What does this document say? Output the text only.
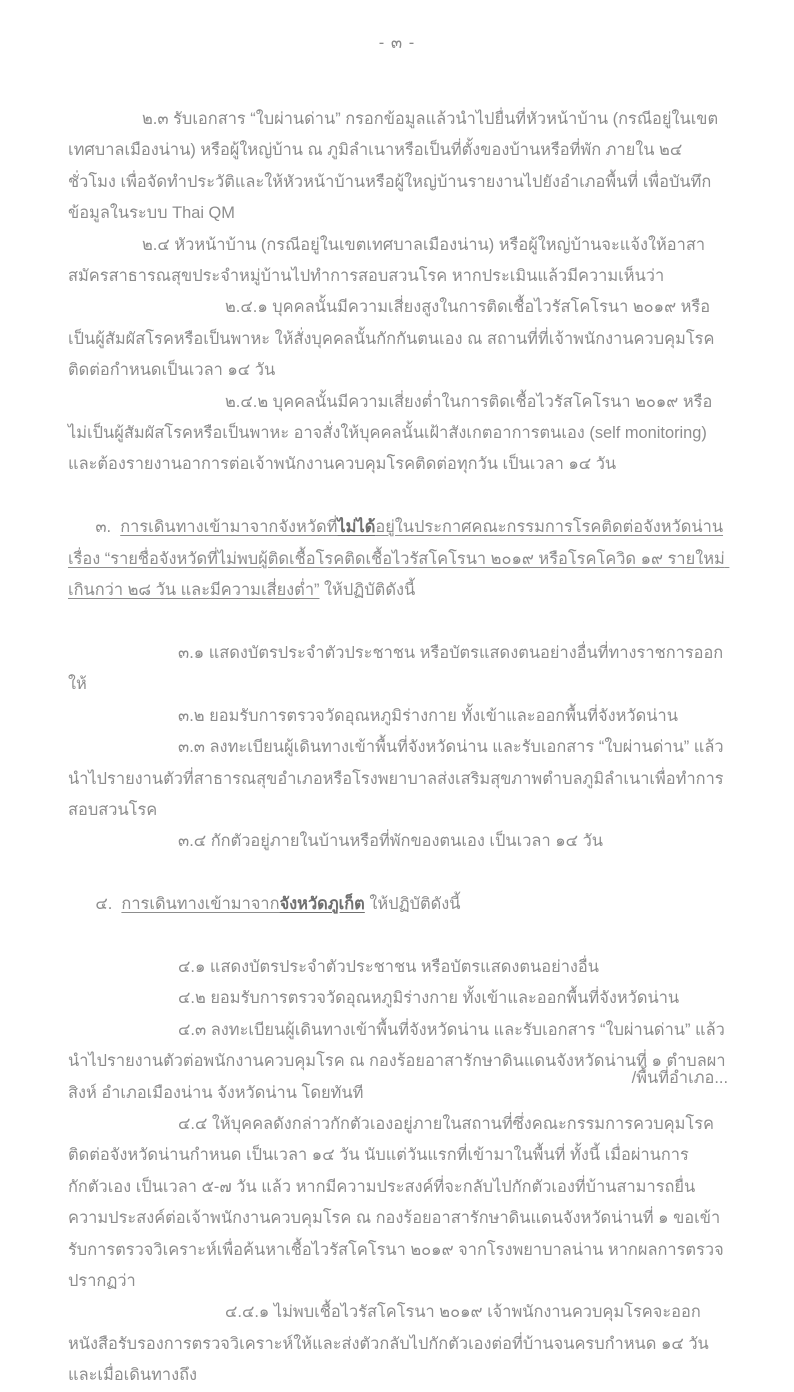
- ๓ -

๒.๓ รับเอกสาร “ใบผ่านด่าน” กรอกข้อมูลแล้วนำไปยื่นที่หัวหน้าบ้าน (กรณีอยู่ในเขตเทศบาลเมืองน่าน) หรือผู้ใหญ่บ้าน ณ ภูมิลำเนาหรือเป็นที่ตั้งของบ้านหรือที่พัก ภายใน ๒๔ ชั่วโมง เพื่อจัดทำประวัติและให้หัวหน้าบ้านหรือผู้ใหญ่บ้านรายงานไปยังอำเภอพื้นที่ เพื่อบันทึกข้อมูลในระบบ Thai QM

๒.๔ หัวหน้าบ้าน (กรณีอยู่ในเขตเทศบาลเมืองน่าน) หรือผู้ใหญ่บ้านจะแจ้งให้อาสาสมัครสาธารณสุขประจำหมู่บ้านไปทำการสอบสวนโรค หากประเมินแล้วมีความเห็นว่า

๒.๔.๑ บุคคลนั้นมีความเสี่ยงสูงในการติดเชื้อไวรัสโคโรนา ๒๐๑๙ หรือเป็นผู้สัมผัสโรคหรือเป็นพาหะ ให้สั่งบุคคลนั้นกักกันตนเอง ณ สถานที่ที่เจ้าพนักงานควบคุมโรคติดต่อกำหนดเป็นเวลา ๑๔ วัน

๒.๔.๒ บุคคลนั้นมีความเสี่ยงต่ำในการติดเชื้อไวรัสโคโรนา ๒๐๑๙ หรือไม่เป็นผู้สัมผัสโรคหรือเป็นพาหะ อาจสั่งให้บุคคลนั้นเฝ้าสังเกตอาการตนเอง (self monitoring) และต้องรายงานอาการต่อเจ้าพนักงานควบคุมโรคติดต่อทุกวัน เป็นเวลา ๑๔ วัน

๓.  การเดินทางเข้ามาจากจังหวัดที่ไม่ได้อยู่ในประกาศคณะกรรมการโรคติดต่อจังหวัดน่านเรื่อง “รายชื่อจังหวัดที่ไม่พบผู้ติดเชื้อโรคติดเชื้อไวรัสโคโรนา ๒๐๑๙ หรือโรคโควิด ๑๙ รายใหม่ เกินกว่า ๒๘ วัน และมีความเสี่ยงต่ำ” ให้ปฏิบัติดังนี้

๓.๑ แสดงบัตรประจำตัวประชาชน หรือบัตรแสดงตนอย่างอื่นที่ทางราชการออกให้

๓.๒ ยอมรับการตรวจวัดอุณหภูมิร่างกาย ทั้งเข้าและออกพื้นที่จังหวัดน่าน

๓.๓ ลงทะเบียนผู้เดินทางเข้าพื้นที่จังหวัดน่าน และรับเอกสาร “ใบผ่านด่าน” แล้วนำไปรายงานตัวที่สาธารณสุขอำเภอหรือโรงพยาบาลส่งเสริมสุขภาพตำบลภูมิลำเนาเพื่อทำการสอบสวนโรค

๓.๔ กักตัวอยู่ภายในบ้านหรือที่พักของตนเอง เป็นเวลา ๑๔ วัน

๔.  การเดินทางเข้ามาจากจังหวัดภูเก็ต ให้ปฏิบัติดังนี้

๔.๑ แสดงบัตรประจำตัวประชาชน หรือบัตรแสดงตนอย่างอื่น

๔.๒ ยอมรับการตรวจวัดอุณหภูมิร่างกาย ทั้งเข้าและออกพื้นที่จังหวัดน่าน

๔.๓ ลงทะเบียนผู้เดินทางเข้าพื้นที่จังหวัดน่าน และรับเอกสาร “ใบผ่านด่าน” แล้วนำไปรายงานตัวต่อพนักงานควบคุมโรค ณ กองร้อยอาสารักษาดินแดนจังหวัดน่านที่ ๑ ตำบลผาสิงห์ อำเภอเมืองน่าน จังหวัดน่าน โดยทันที

๔.๔ ให้บุคคลดังกล่าวกักตัวเองอยู่ภายในสถานที่ซึ่งคณะกรรมการควบคุมโรคติดต่อจังหวัดน่านกำหนด เป็นเวลา ๑๔ วัน นับแต่วันแรกที่เข้ามาในพื้นที่ ทั้งนี้ เมื่อผ่านการกักตัวเอง เป็นเวลา ๕-๗ วัน แล้ว หากมีความประสงค์ที่จะกลับไปกักตัวเองที่บ้านสามารถยื่นความประสงค์ต่อเจ้าพนักงานควบคุมโรค ณ กองร้อยอาสารักษาดินแดนจังหวัดน่านที่ ๑ ขอเข้ารับการตรวจวิเคราะห์เพื่อค้นหาเชื้อไวรัสโคโรนา ๒๐๑๙ จากโรงพยาบาลน่าน หากผลการตรวจปรากฏว่า

๔.๔.๑ ไม่พบเชื้อไวรัสโคโรนา ๒๐๑๙ เจ้าพนักงานควบคุมโรคจะออกหนังสือรับรองการตรวจวิเคราะห์ให้และส่งตัวกลับไปกักตัวเองต่อที่บ้านจนครบกำหนด ๑๔ วัน และเมื่อเดินทางถึง

/พื้นที่อำเภอ...
